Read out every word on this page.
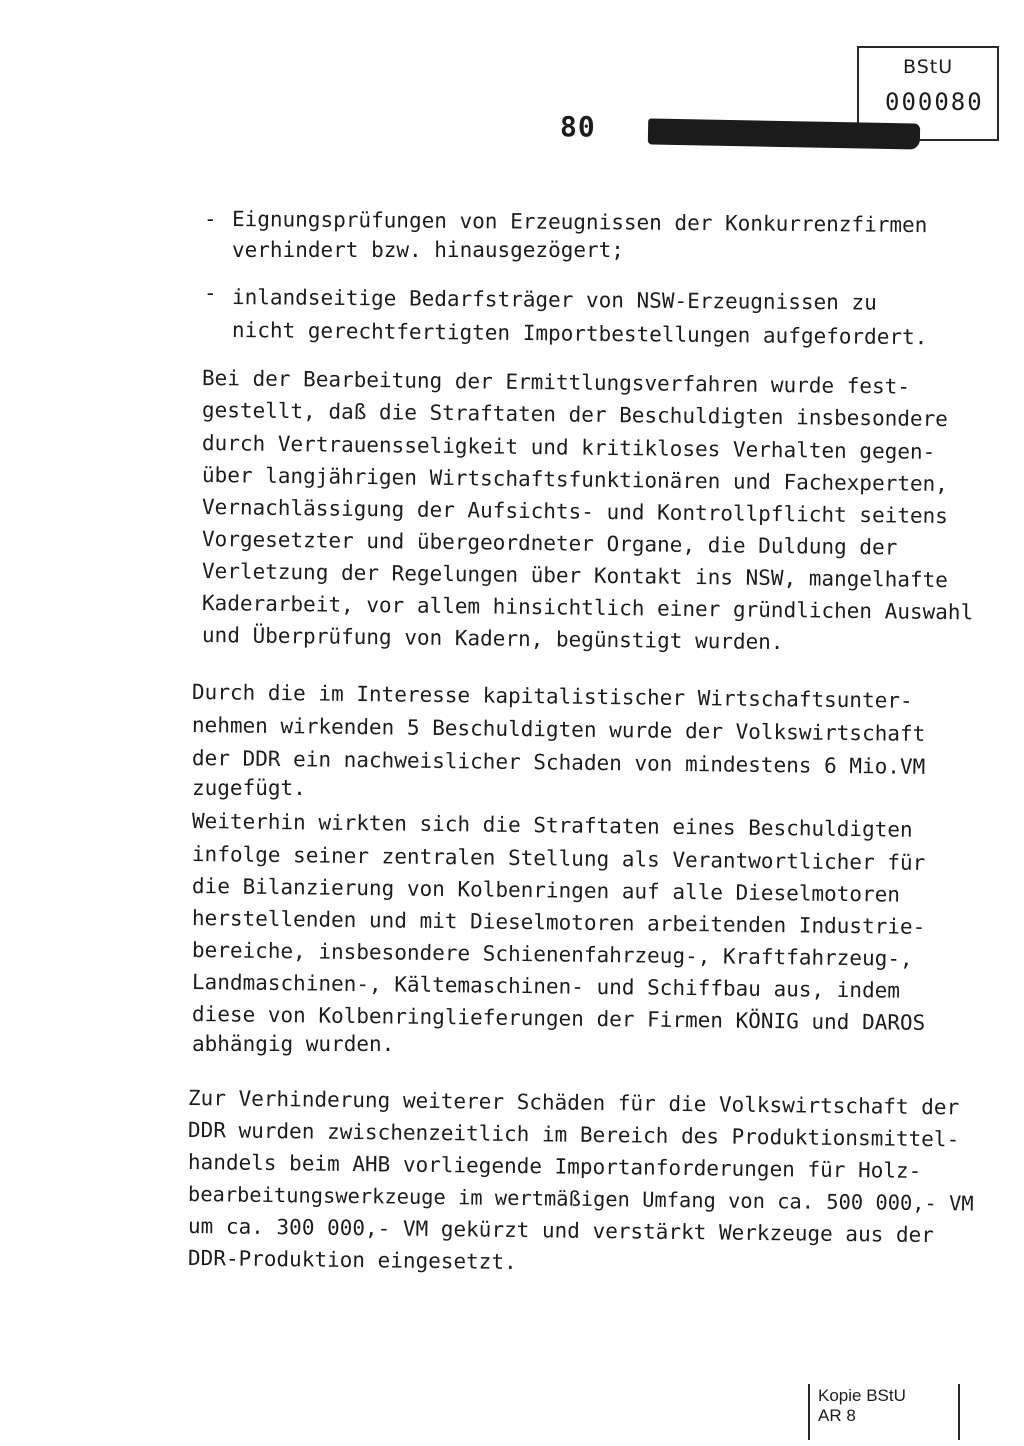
BStU
000080
80

-

Eignungsprüfungen von Erzeugnissen der Konkurrenzfirmen

verhindert bzw. hinausgezögert;

-

inlandseitige Bedarfsträger von NSW-Erzeugnissen zu

nicht gerechtfertigten Importbestellungen aufgefordert.

Bei der Bearbeitung der Ermittlungsverfahren wurde fest-

gestellt, daß die Straftaten der Beschuldigten insbesondere

durch Vertrauensseligkeit und kritikloses Verhalten gegen-

über langjährigen Wirtschaftsfunktionären und Fachexperten,

Vernachlässigung der Aufsichts- und Kontrollpflicht seitens

Vorgesetzter und übergeordneter Organe, die Duldung der

Verletzung der Regelungen über Kontakt ins NSW, mangelhafte

Kaderarbeit, vor allem hinsichtlich einer gründlichen Auswahl

und Überprüfung von Kadern, begünstigt wurden.

Durch die im Interesse kapitalistischer Wirtschaftsunter-

nehmen wirkenden 5 Beschuldigten wurde der Volkswirtschaft

der DDR ein nachweislicher Schaden von mindestens 6 Mio.VM

zugefügt.

Weiterhin wirkten sich die Straftaten eines Beschuldigten

infolge seiner zentralen Stellung als Verantwortlicher für

die Bilanzierung von Kolbenringen auf alle Dieselmotoren

herstellenden und mit Dieselmotoren arbeitenden Industrie-

bereiche, insbesondere Schienenfahrzeug-, Kraftfahrzeug-,

Landmaschinen-, Kältemaschinen- und Schiffbau aus, indem

diese von Kolbenringlieferungen der Firmen KÖNIG und DAROS

abhängig wurden.

Zur Verhinderung weiterer Schäden für die Volkswirtschaft der

DDR wurden zwischenzeitlich im Bereich des Produktionsmittel-

handels beim AHB vorliegende Importanforderungen für Holz-

bearbeitungswerkzeuge im wertmäßigen Umfang von ca. 500 000,- VM

um ca. 300 000,- VM gekürzt und verstärkt Werkzeuge aus der

DDR-Produktion eingesetzt.

Kopie BStU
AR 8
